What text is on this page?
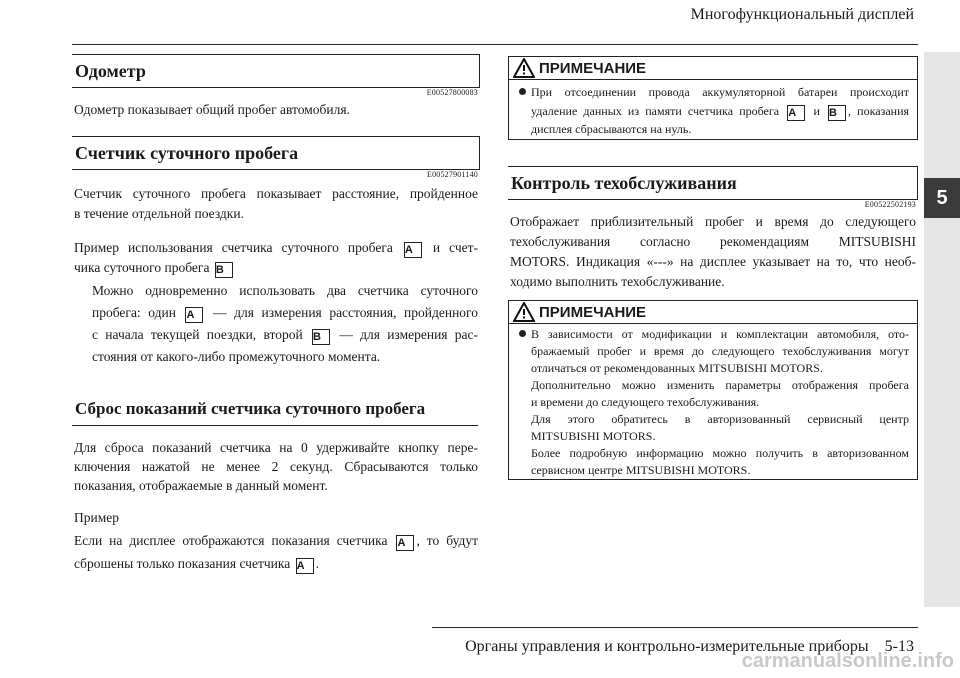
Многофункциональный дисплей
5
Одометр
E00527800083
Одометр показывает общий пробег автомобиля.
Счетчик суточного пробега
E00527901140
Счетчик суточного пробега показывает расстояние, пройденное
в течение отдельной поездки.
Пример использования счетчика суточного пробега A и счет-
чика суточного пробега B
Можно одновременно использовать два счетчика суточного
пробега: один A — для измерения расстояния, пройденного
с начала текущей поездки, второй B — для измерения рас-
стояния от какого-либо промежуточного момента.
Сброс показаний счетчика суточного пробега
Для сброса показаний счетчика на 0 удерживайте кнопку пере-
ключения нажатой не менее 2 секунд. Сбрасываются только
показания, отображаемые в данный момент.
Пример
Если на дисплее отображаются показания счетчика A , то будут
сброшены только показания счетчика A .
ПРИМЕЧАНИЕ
При отсоединении провода аккумуляторной батареи происходит
удаление данных из памяти счетчика пробега A и B , показания
дисплея сбрасываются на нуль.
Контроль техобслуживания
E00522502193
Отображает приблизительный пробег и время до следующего
техобслуживания согласно рекомендациям MITSUBISHI
MOTORS. Индикация «---» на дисплее указывает на то, что необ-
ходимо выполнить техобслуживание.
ПРИМЕЧАНИЕ
В зависимости от модификации и комплектации автомобиля, ото-
бражаемый пробег и время до следующего техобслуживания могут
отличаться от рекомендованных MITSUBISHI MOTORS.
Дополнительно можно изменить параметры отображения пробега
и времени до следующего техобслуживания.
Для этого обратитесь в авторизованный сервисный центр
MITSUBISHI MOTORS.
Более подробную информацию можно получить в авторизованном
сервисном центре MITSUBISHI MOTORS.
Органы управления и контрольно-измерительные приборы 5-13
carmanualsonline.info
